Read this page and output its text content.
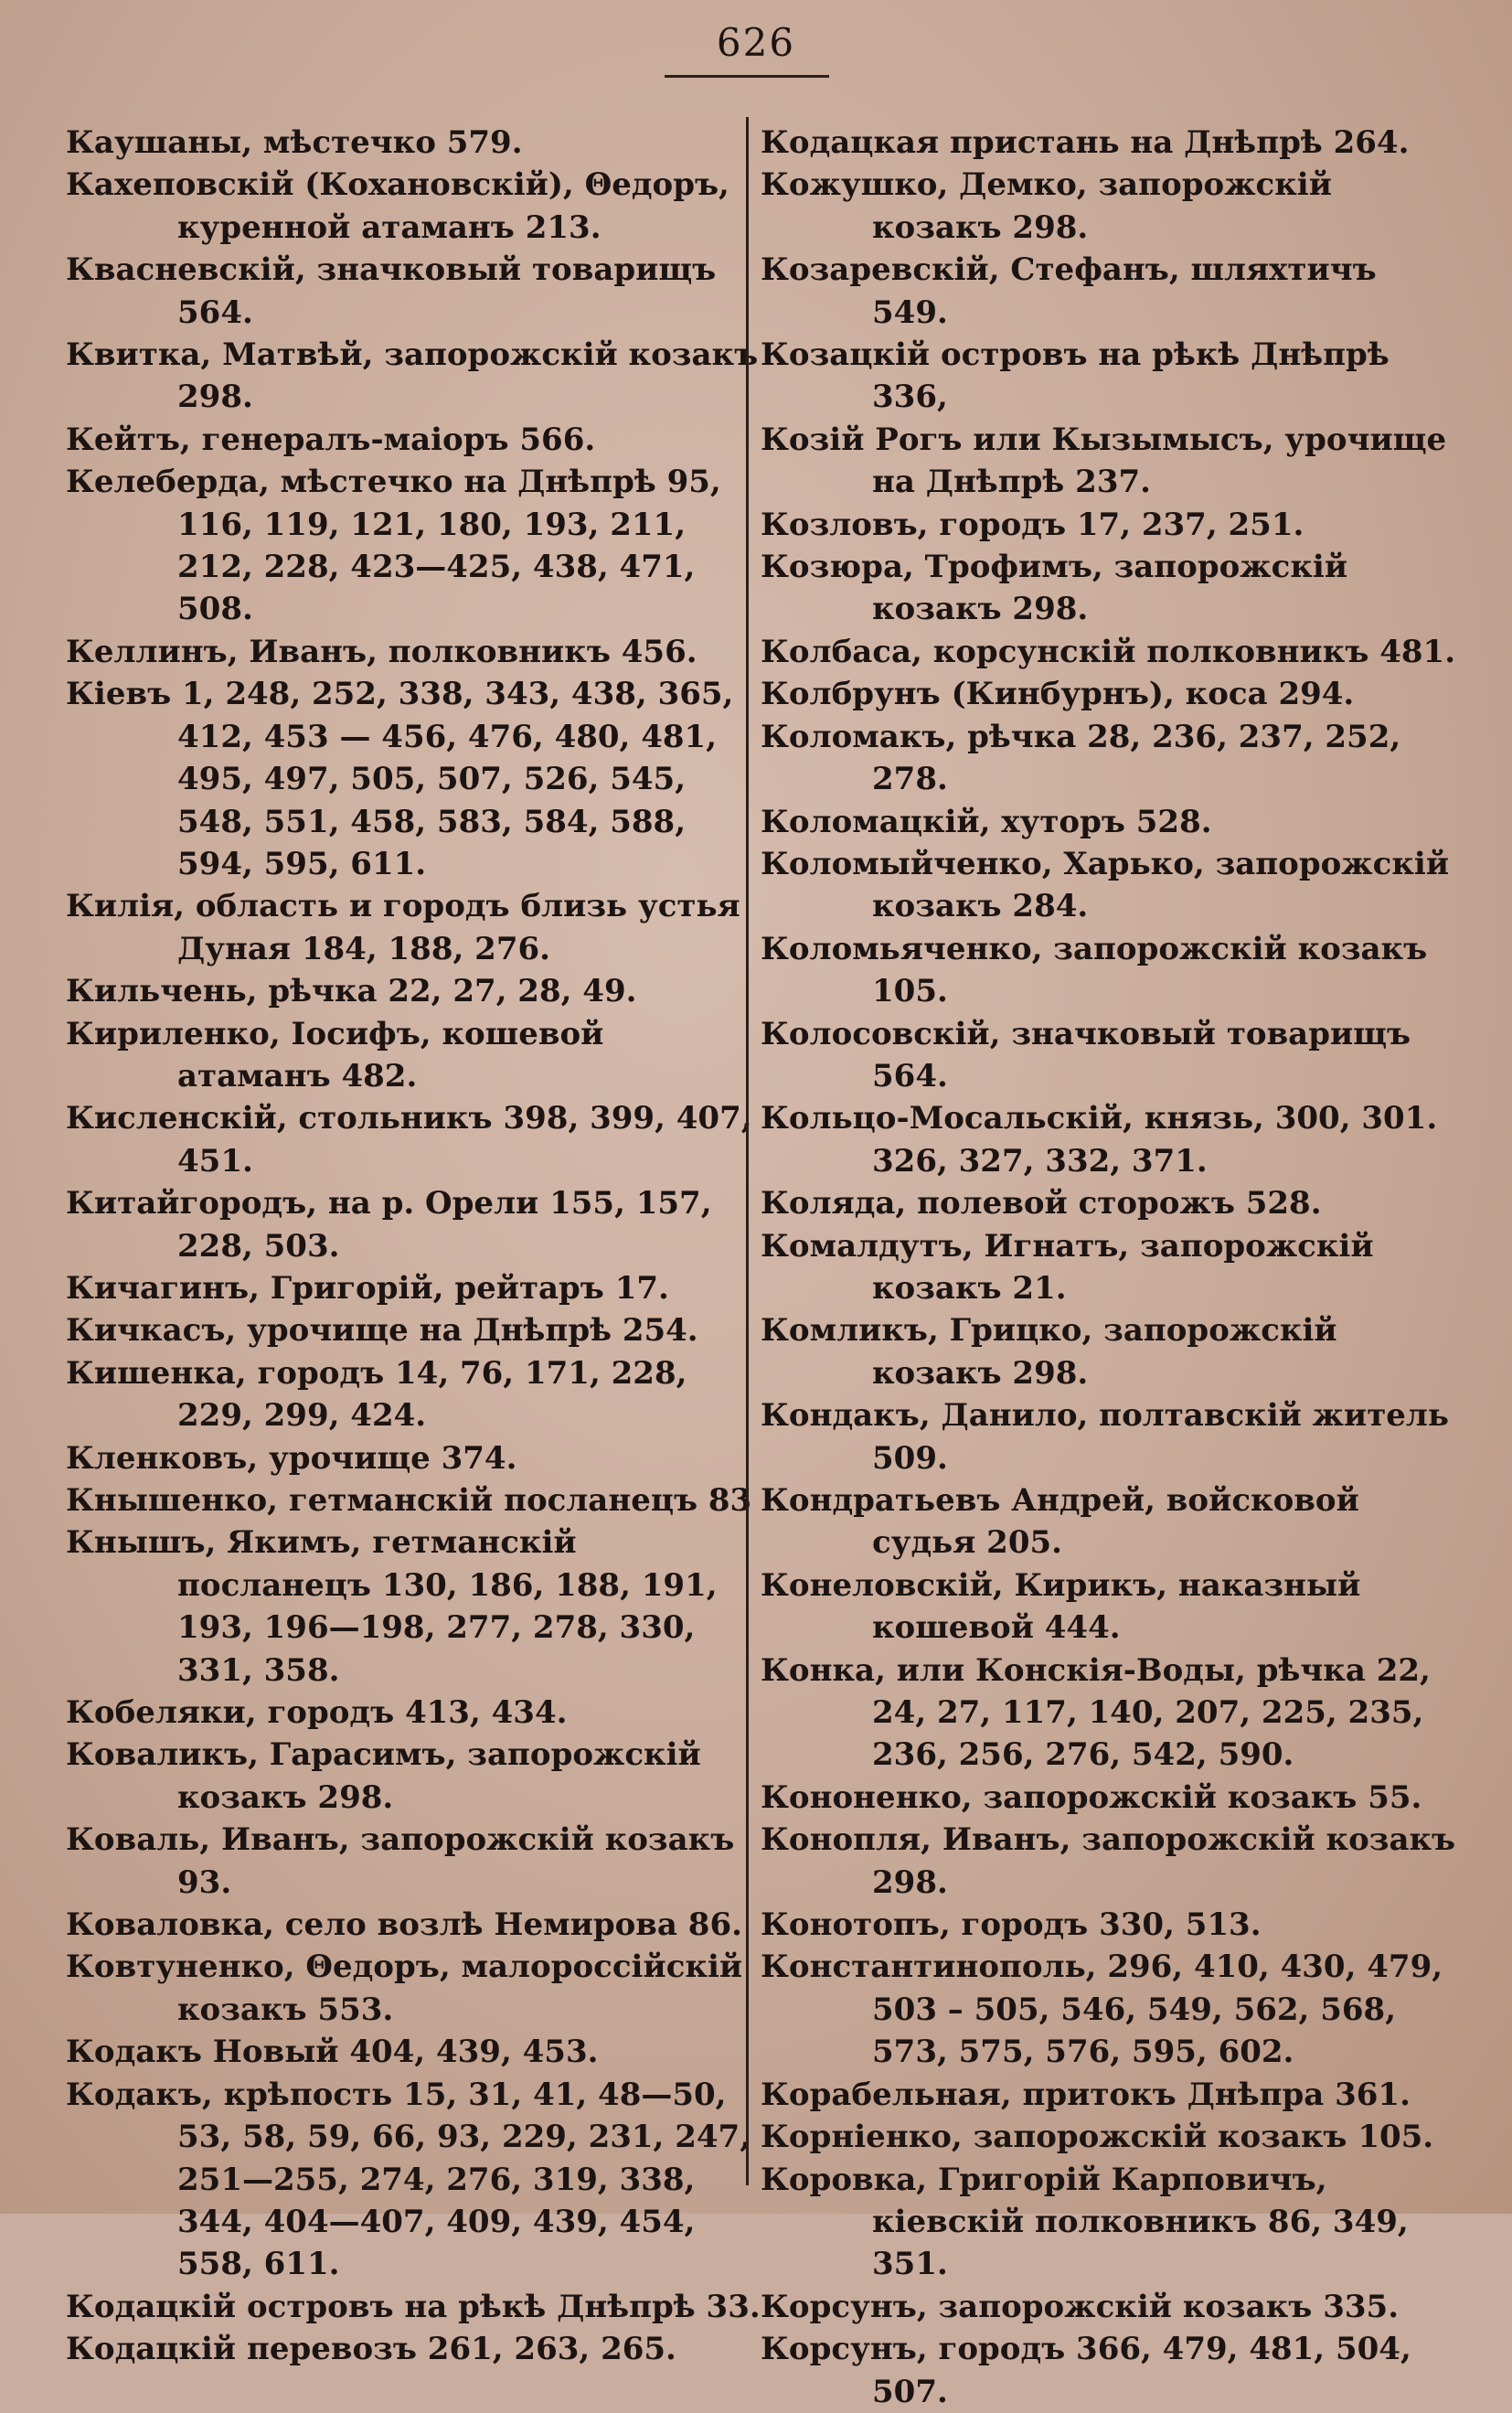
626

Каушаны, мѣстечко 579.

Кахеповскій (Кохановскій), Θедоръ, куренной атаманъ 213.

Квасневскій, значковый товарищъ 564.

Квитка, Матвѣй, запорожскій козакъ 298.

Кейтъ, генералъ-маіоръ 566.

Келеберда, мѣстечко на Днѣпрѣ 95, 116, 119, 121, 180, 193, 211, 212, 228, 423—425, 438, 471, 508.

Келлинъ, Иванъ, полковникъ 456.

Кіевъ 1, 248, 252, 338, 343, 438, 365, 412, 453 — 456, 476, 480, 481, 495, 497, 505, 507, 526, 545, 548, 551, 458, 583, 584, 588, 594, 595, 611.

Килія, область и городъ близь устья Дуная 184, 188, 276.

Кильчень, рѣчка 22, 27, 28, 49.

Кириленко, Іосифъ, кошевой атаманъ 482.

Кисленскій, стольникъ 398, 399, 407, 451.

Китайгородъ, на р. Орели 155, 157, 228, 503.

Кичагинъ, Григорій, рейтаръ 17.

Кичкасъ, урочище на Днѣпрѣ 254.

Кишенка, городъ 14, 76, 171, 228, 229, 299, 424.

Кленковъ, урочище 374.

Кнышенко, гетманскій посланецъ 83

Кнышъ, Якимъ, гетманскій посланецъ 130, 186, 188, 191, 193, 196—198, 277, 278, 330, 331, 358.

Кобеляки, городъ 413, 434.

Коваликъ, Гарасимъ, запорожскій козакъ 298.

Коваль, Иванъ, запорожскій козакъ 93.

Коваловка, село возлѣ Немирова 86.

Ковтуненко, Θедоръ, малороссійскій козакъ 553.

Кодакъ Новый 404, 439, 453.

Кодакъ, крѣпость 15, 31, 41, 48—50, 53, 58, 59, 66, 93, 229, 231, 247, 251—255, 274, 276, 319, 338, 344, 404—407, 409, 439, 454, 558, 611.

Кодацкій островъ на рѣкѣ Днѣпрѣ 33.

Кодацкій перевозъ 261, 263, 265.

Кодацкая пристань на Днѣпрѣ 264.

Кожушко, Демко, запорожскій козакъ 298.

Козаревскій, Стефанъ, шляхтичъ 549.

Козацкій островъ на рѣкѣ Днѣпрѣ 336,

Козій Рогъ или Кызымысъ, урочище на Днѣпрѣ 237.

Козловъ, городъ 17, 237, 251.

Козюра, Трофимъ, запорожскій козакъ 298.

Колбаса, корсунскій полковникъ 481.

Колбрунъ (Кинбурнъ), коса 294.

Коломакъ, рѣчка 28, 236, 237, 252, 278.

Коломацкій, хуторъ 528.

Коломыйченко, Харько, запорожскій козакъ 284.

Коломьяченко, запорожскій козакъ 105.

Колосовскій, значковый товарищъ 564.

Кольцо-Мосальскій, князь, 300, 301. 326, 327, 332, 371.

Коляда, полевой сторожъ 528.

Комалдутъ, Игнатъ, запорожскій козакъ 21.

Комликъ, Грицко, запорожскій козакъ 298.

Кондакъ, Данило, полтавскій житель 509.

Кондратьевъ Андрей, войсковой судья 205.

Конеловскій, Кирикъ, наказный кошевой 444.

Конка, или Конскія-Воды, рѣчка 22, 24, 27, 117, 140, 207, 225, 235, 236, 256, 276, 542, 590.

Кононенко, запорожскій козакъ 55.

Конопля, Иванъ, запорожскій козакъ 298.

Конотопъ, городъ 330, 513.

Константинополь, 296, 410, 430, 479, 503 – 505, 546, 549, 562, 568, 573, 575, 576, 595, 602.

Корабельная, притокъ Днѣпра 361.

Корніенко, запорожскій козакъ 105.

Коровка, Григорій Карповичъ, кіевскій полковникъ 86, 349, 351.

Корсунъ, запорожскій козакъ 335.

Корсунъ, городъ 366, 479, 481, 504, 507.
